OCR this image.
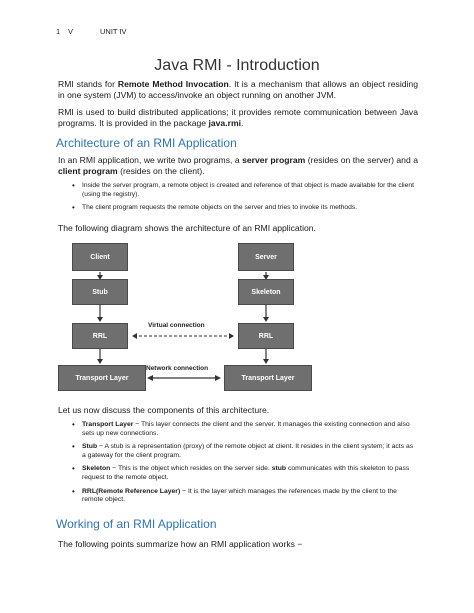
1 V	UNIT IV
Java RMI - Introduction
RMI stands for Remote Method Invocation. It is a mechanism that allows an object residing in one system (JVM) to access/invoke an object running on another JVM.
RMI is used to build distributed applications; it provides remote communication between Java programs. It is provided in the package java.rmi.
Architecture of an RMI Application
In an RMI application, we write two programs, a server program (resides on the server) and a client program (resides on the client).
• Inside the server program, a remote object is created and reference of that object is made available for the client (using the registry).
• The client program requests the remote objects on the server and tries to invoke its methods.
The following diagram shows the architecture of an RMI application.
Client	Server
Stub	Skeleton
RRL	RRL
Transport Layer	Transport Layer
Virtual connection
Network connection
Let us now discuss the components of this architecture.
• Transport Layer − This layer connects the client and the server. It manages the existing connection and also sets up new connections.
• Stub − A stub is a representation (proxy) of the remote object at client. It resides in the client system; it acts as a gateway for the client program.
• Skeleton − This is the object which resides on the server side. stub communicates with this skeleton to pass request to the remote object.
• RRL(Remote Reference Layer) − It is the layer which manages the references made by the client to the remote object.
Working of an RMI Application
The following points summarize how an RMI application works −
